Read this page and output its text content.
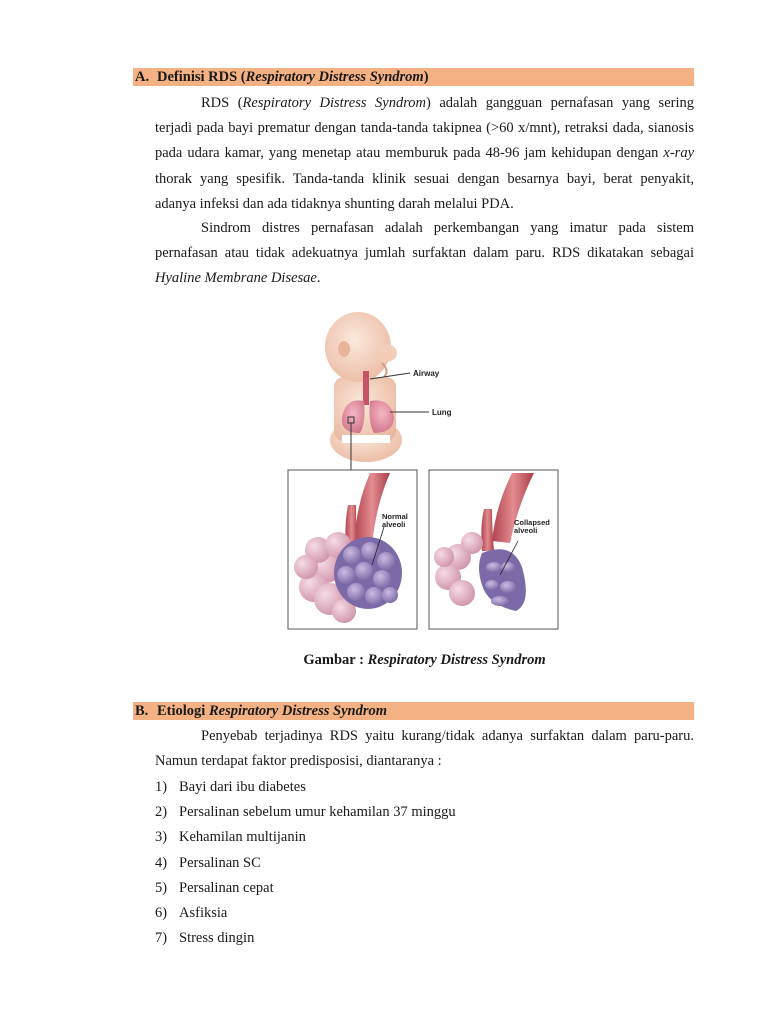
A. Definisi RDS (Respiratory Distress Syndrom)

RDS (Respiratory Distress Syndrom) adalah gangguan pernafasan yang sering terjadi pada bayi prematur dengan tanda-tanda takipnea (>60 x/mnt), retraksi dada, sianosis pada udara kamar, yang menetap atau memburuk pada 48-96 jam kehidupan dengan x-ray thorak yang spesifik. Tanda-tanda klinik sesuai dengan besarnya bayi, berat penyakit, adanya infeksi dan ada tidaknya shunting darah melalui PDA.

Sindrom distres pernafasan adalah perkembangan yang imatur pada sistem pernafasan atau tidak adekuatnya jumlah surfaktan dalam paru. RDS dikatakan sebagai Hyaline Membrane Disesae.

Airway
Lung
Normal
alveoli	Collapsed
alveoli
Gambar : Respiratory Distress Syndrom
B. Etiologi Respiratory Distress Syndrom

Penyebab terjadinya RDS yaitu kurang/tidak adanya surfaktan dalam paru-paru. Namun terdapat faktor predisposisi, diantaranya :

1) Bayi dari ibu diabetes
2) Persalinan sebelum umur kehamilan 37 minggu
3) Kehamilan multijanin
4) Persalinan SC
5) Persalinan cepat
6) Asfiksia
7) Stress dingin
